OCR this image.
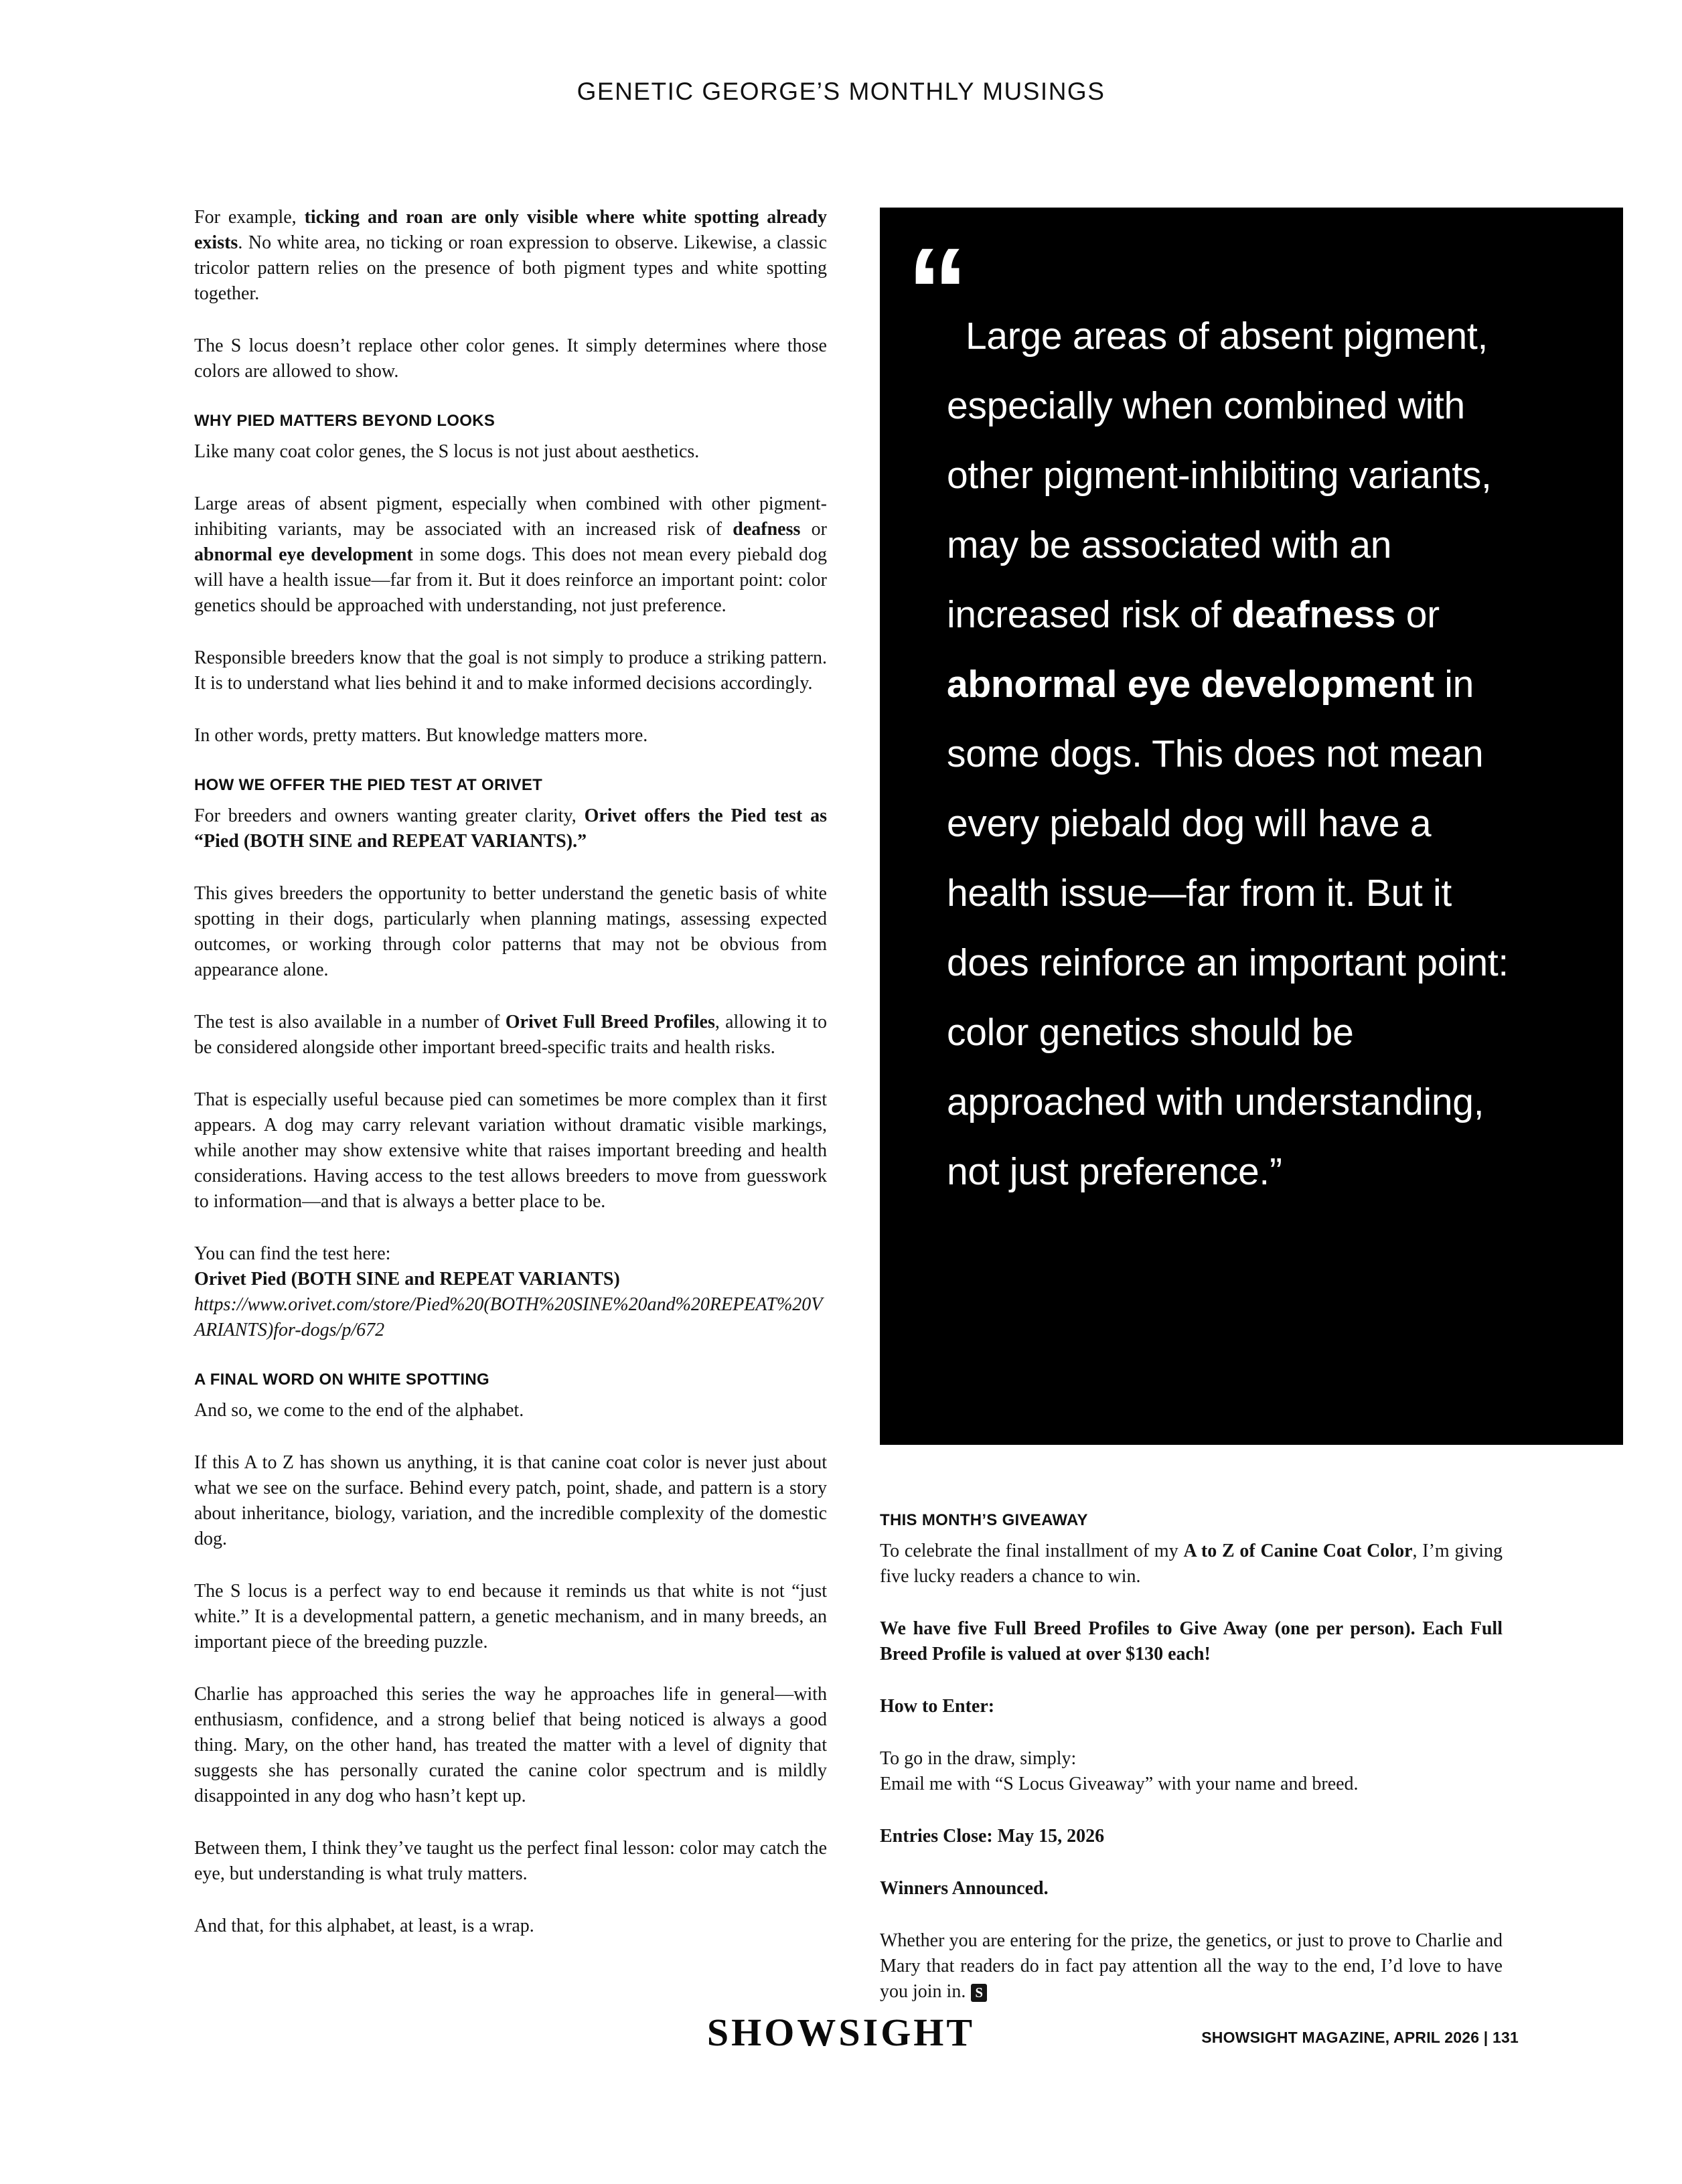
GENETIC GEORGE’S MONTHLY MUSINGS

For example, ticking and roan are only visible where white spotting already exists. No white area, no ticking or roan expression to observe. Likewise, a classic tricolor pattern relies on the presence of both pigment types and white spotting together.

The S locus doesn’t replace other color genes. It simply determines where those colors are allowed to show.

WHY PIED MATTERS BEYOND LOOKS

Like many coat color genes, the S locus is not just about aesthetics.

Large areas of absent pigment, especially when combined with other pigment-inhibiting variants, may be associated with an increased risk of deafness or abnormal eye development in some dogs. This does not mean every piebald dog will have a health issue—far from it. But it does reinforce an important point: color genetics should be approached with understanding, not just preference.

Responsible breeders know that the goal is not simply to produce a striking pattern. It is to understand what lies behind it and to make informed decisions accordingly.

In other words, pretty matters. But knowledge matters more.

HOW WE OFFER THE PIED TEST AT ORIVET

For breeders and owners wanting greater clarity, Orivet offers the Pied test as “Pied (BOTH SINE and REPEAT VARIANTS).”

This gives breeders the opportunity to better understand the genetic basis of white spotting in their dogs, particularly when planning matings, assessing expected outcomes, or working through color patterns that may not be obvious from appearance alone.

The test is also available in a number of Orivet Full Breed Profiles, allowing it to be considered alongside other important breed-specific traits and health risks.

That is especially useful because pied can sometimes be more complex than it first appears. A dog may carry relevant variation without dramatic visible markings, while another may show extensive white that raises important breeding and health considerations. Having access to the test allows breeders to move from guesswork to information—and that is always a better place to be.

You can find the test here:
Orivet Pied (BOTH SINE and REPEAT VARIANTS)
https://www.orivet.com/store/Pied%20(BOTH%20SINE%20and%20REPEAT%20VARIANTS)for-dogs/p/672

A FINAL WORD ON WHITE SPOTTING

And so, we come to the end of the alphabet.

If this A to Z has shown us anything, it is that canine coat color is never just about what we see on the surface. Behind every patch, point, shade, and pattern is a story about inheritance, biology, variation, and the incredible complexity of the domestic dog.

The S locus is a perfect way to end because it reminds us that white is not “just white.” It is a developmental pattern, a genetic mechanism, and in many breeds, an important piece of the breeding puzzle.

Charlie has approached this series the way he approaches life in general—with enthusiasm, confidence, and a strong belief that being noticed is always a good thing. Mary, on the other hand, has treated the matter with a level of dignity that suggests she has personally curated the canine color spectrum and is mildly disappointed in any dog who hasn’t kept up.

Between them, I think they’ve taught us the perfect final lesson: color may catch the eye, but understanding is what truly matters.

And that, for this alphabet, at least, is a wrap.

“

Large areas of absent pigment, especially when combined with other pigment-inhibiting variants, may be associated with an increased risk of deafness or abnormal eye development in some dogs. This does not mean every piebald dog will have a health issue—far from it. But it does reinforce an important point: color genetics should be approached with understanding, not just preference.”

THIS MONTH’S GIVEAWAY

To celebrate the final installment of my A to Z of Canine Coat Color, I’m giving five lucky readers a chance to win.

We have five Full Breed Profiles to Give Away (one per person). Each Full Breed Profile is valued at over $130 each!

How to Enter:

To go in the draw, simply:
Email me with “S Locus Giveaway” with your name and breed.

Entries Close: May 15, 2026

Winners Announced.

Whether you are entering for the prize, the genetics, or just to prove to Charlie and Mary that readers do in fact pay attention all the way to the end, I’d love to have you join in. S

SHOWSIGHT	SHOWSIGHT MAGAZINE, APRIL 2026 | 131
